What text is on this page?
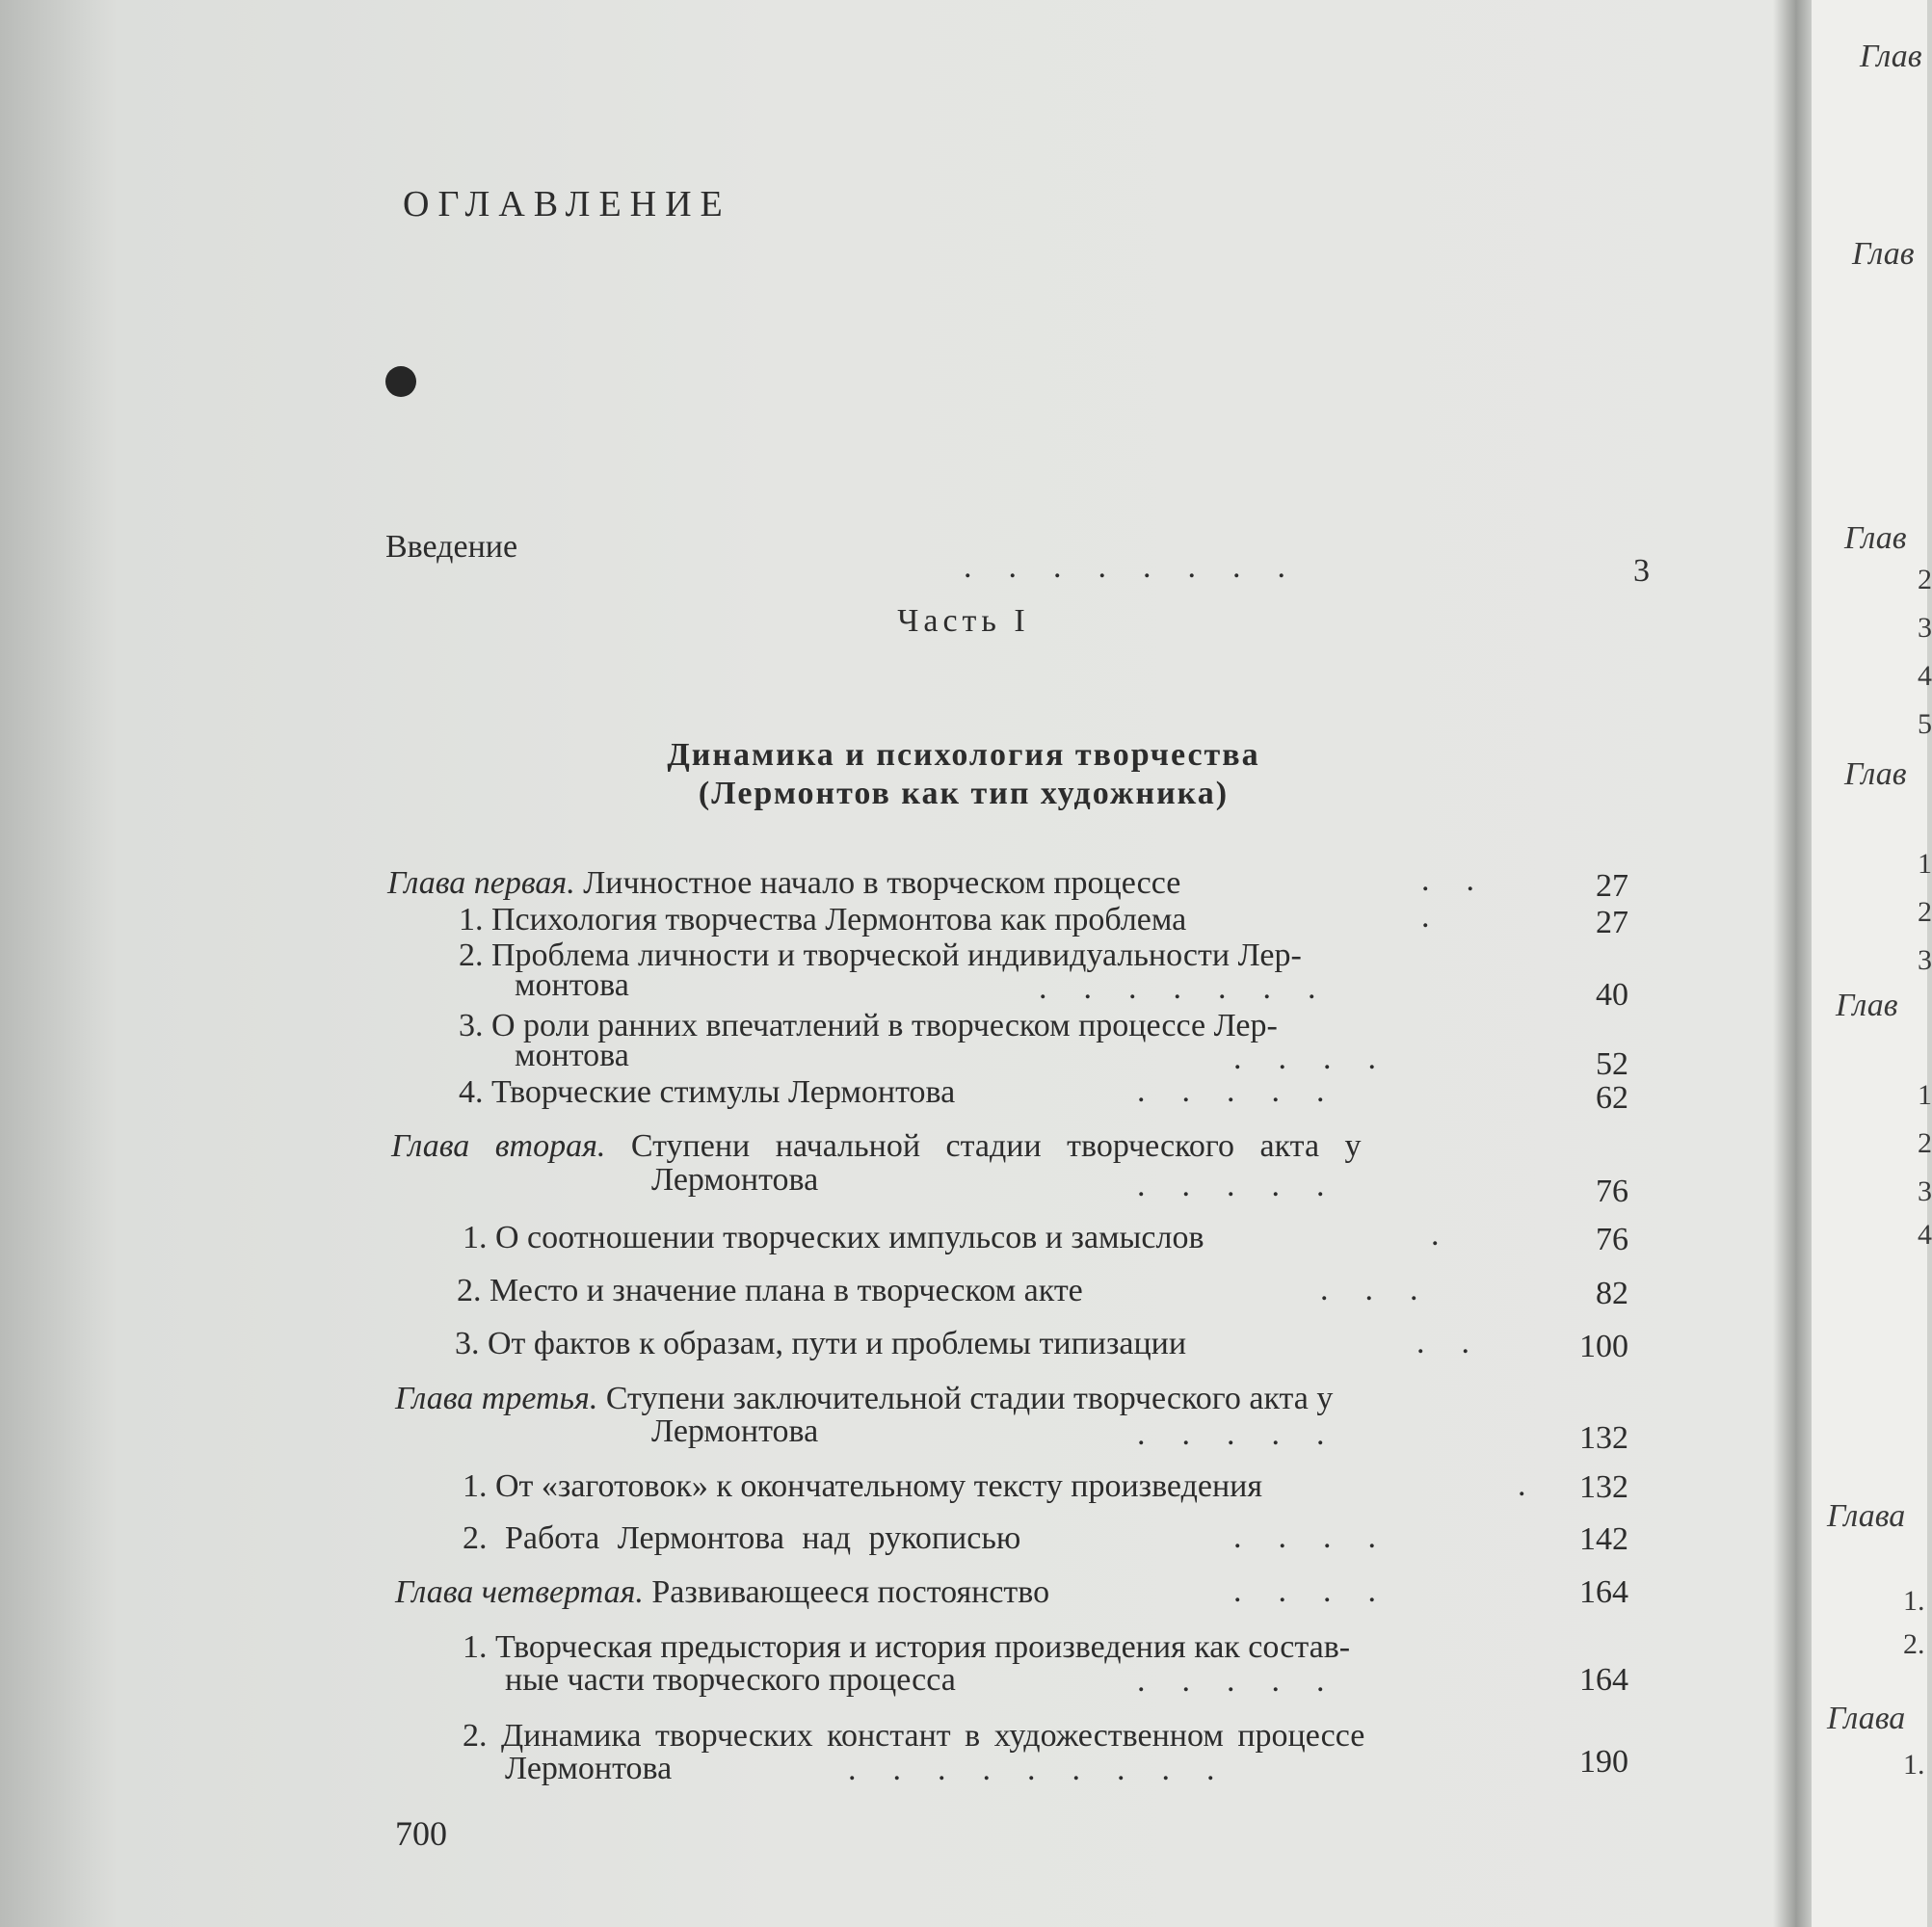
Глав
Глав
Глав
2
3
4
5
Глав
1
2
3
Глав
1
2
3
4
Глава
1.
2.
Глава
1.
ОГЛАВЛЕНИЕ
Введение
........	3
Часть I
Динамика и психология творчества
(Лермонтов как тип художника)
Глава первая. Личностное начало в творческом процессе	..	27
1. Психология творчества Лермонтова как проблема	.	27
2. Проблема личности и творческой индивидуальности Лер-
монтова	.......	40
3. О роли ранних впечатлений в творческом процессе Лер-
монтова	....	52
4. Творческие стимулы Лермонтова	.....	62
Глава вторая. Ступени начальной стадии творческого акта у
Лермонтова	.....	76
1. О соотношении творческих импульсов и замыслов	.	76
2. Место и значение плана в творческом акте	...	82
3. От фактов к образам, пути и проблемы типизации	..	100
Глава третья. Ступени заключительной стадии творческого акта у
Лермонтова	.....	132
1. От «заготовок» к окончательному тексту произведения	. 132
2. Работа Лермонтова над рукописью	....	142
Глава четвертая. Развивающееся постоянство	....	164
1. Творческая предыстория и история произведения как состав-
ные части творческого процесса	.....	164
2. Динамика творческих констант в художественном процессе
Лермонтова	.........	190
700
